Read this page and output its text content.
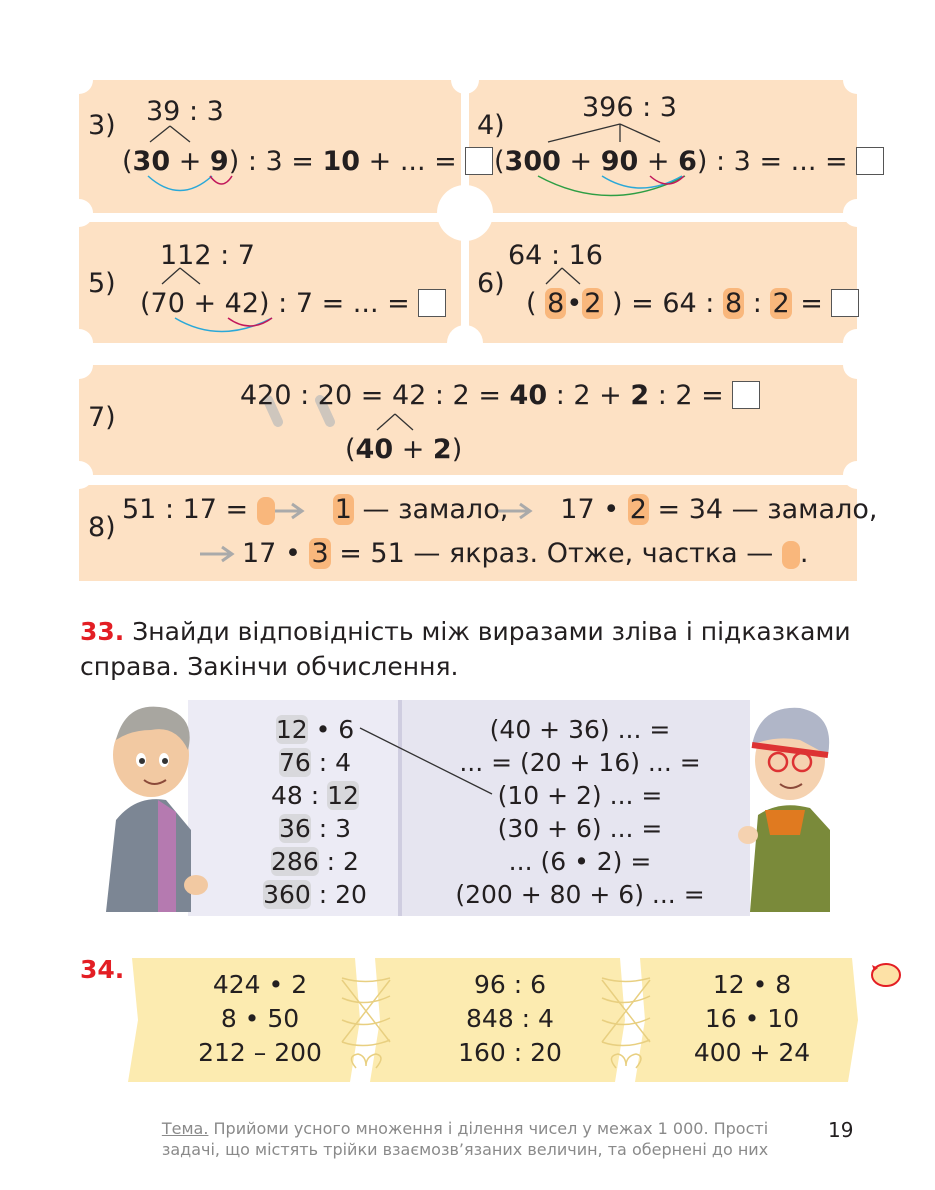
3) 39 : 3
(30 + 9) : 3 = 10 + ... =
4)
396 : 3
(300 + 90 + 6) : 3 = ... =
5)
112 : 7
(70 + 42) : 7 = ... =
6)
64 : 16
( 8•2 ) = 64 : 8 : 2 =
7)
420 : 20 = 42 : 2 = 40 : 2 + 2 : 2 =
(40 + 2)
8)
51 : 17 =	1 — замало, 17 • 2 = 34 — замало,
17 • 3 = 51 — якраз. Отже, частка — .
33. Знайди відповідність між виразами зліва і підказками
справа. Закінчи обчислення.
12 • 6
76 : 4
48 : 12
36 : 3
286 : 2
360 : 20
(40 + 36) ... =
... = (20 + 16) ... =
(10 + 2) ... =
(30 + 6) ... =
... (6 • 2) =
(200 + 80 + 6) ... =
34.
424 • 2
8 • 50
212 – 200
96 : 6
848 : 4
160 : 20
12 • 8
16 • 10
400 + 24
Тема. Прийоми усного множення і ділення чисел у межах 1 000. Прості
задачі, що містять трійки взаємозв’язаних величин, та обернені до них
19
